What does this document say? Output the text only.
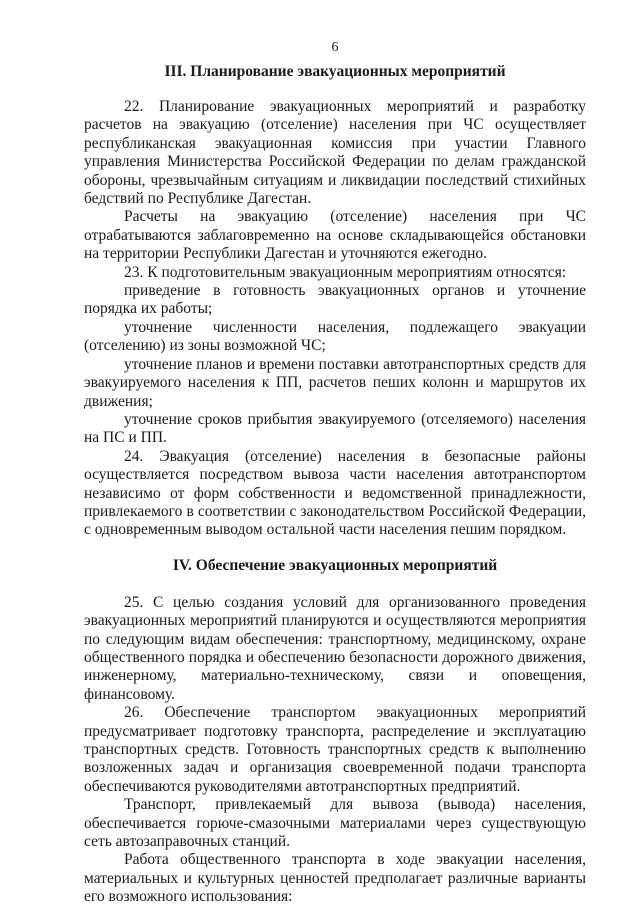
6
III. Планирование эвакуационных мероприятий

22. Планирование эвакуационных мероприятий и разработку расчетов на эвакуацию (отселение) населения при ЧС осуществляет республиканская эвакуационная комиссия при участии Главного управления Министерства Российской Федерации по делам гражданской обороны, чрезвычайным ситуациям и ликвидации последствий стихийных бедствий по Республике Дагестан.

Расчеты на эвакуацию (отселение) населения при ЧС отрабатываются заблаговременно на основе складывающейся обстановки на территории Республики Дагестан и уточняются ежегодно.

23. К подготовительным эвакуационным мероприятиям относятся:

приведение в готовность эвакуационных органов и уточнение порядка их работы;

уточнение численности населения, подлежащего эвакуации (отселению) из зоны возможной ЧС;

уточнение планов и времени поставки автотранспортных средств для эвакуируемого населения к ПП, расчетов пеших колонн и маршрутов их движения;

уточнение сроков прибытия эвакуируемого (отселяемого) населения на ПС и ПП.

24. Эвакуация (отселение) населения в безопасные районы осуществляется посредством вывоза части населения автотранспортом независимо от форм собственности и ведомственной принадлежности, привлекаемого в соответствии с законодательством Российской Федерации, с одновременным выводом остальной части населения пешим порядком.

IV. Обеспечение эвакуационных мероприятий

25. С целью создания условий для организованного проведения эвакуационных мероприятий планируются и осуществляются мероприятия по следующим видам обеспечения: транспортному, медицинскому, охране общественного порядка и обеспечению безопасности дорожного движения, инженерному, материально-техническому, связи и оповещения, финансовому.

26. Обеспечение транспортом эвакуационных мероприятий предусматривает подготовку транспорта, распределение и эксплуатацию транспортных средств. Готовность транспортных средств к выполнению возложенных задач и организация своевременной подачи транспорта обеспечиваются руководителями автотранспортных предприятий.

Транспорт, привлекаемый для вывоза (вывода) населения, обеспечивается горюче-смазочными материалами через существующую сеть автозаправочных станций.

Работа общественного транспорта в ходе эвакуации населения, материальных и культурных ценностей предполагает различные варианты его возможного использования:
